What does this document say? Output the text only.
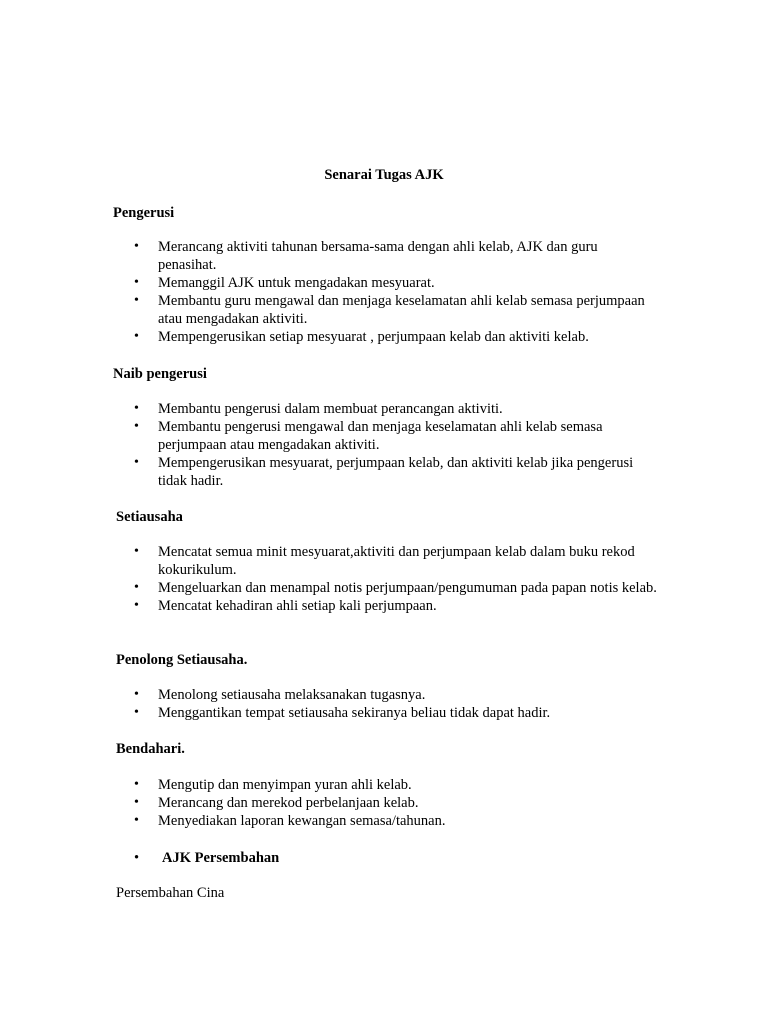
Senarai Tugas AJK
Pengerusi
• Merancang aktiviti tahunan bersama-sama dengan ahli kelab, AJK dan guru penasihat.
• Memanggil AJK untuk mengadakan mesyuarat.
• Membantu guru mengawal dan menjaga keselamatan ahli kelab semasa perjumpaan atau mengadakan aktiviti.
• Mempengerusikan setiap mesyuarat , perjumpaan kelab dan aktiviti kelab.
Naib pengerusi
• Membantu pengerusi dalam membuat perancangan aktiviti.
• Membantu pengerusi mengawal dan menjaga keselamatan ahli kelab semasa perjumpaan atau mengadakan aktiviti.
• Mempengerusikan mesyuarat, perjumpaan kelab, dan aktiviti kelab jika pengerusi tidak hadir.
Setiausaha
• Mencatat semua minit mesyuarat,aktiviti dan perjumpaan kelab dalam buku rekod kokurikulum.
• Mengeluarkan dan menampal notis perjumpaan/pengumuman pada papan notis kelab.
• Mencatat kehadiran ahli setiap kali perjumpaan.
Penolong Setiausaha.
• Menolong setiausaha melaksanakan tugasnya.
• Menggantikan tempat setiausaha sekiranya beliau tidak dapat hadir.
Bendahari.
• Mengutip dan menyimpan yuran ahli kelab.
• Merancang dan merekod perbelanjaan kelab.
• Menyediakan laporan kewangan semasa/tahunan.
• AJK Persembahan
Persembahan Cina
